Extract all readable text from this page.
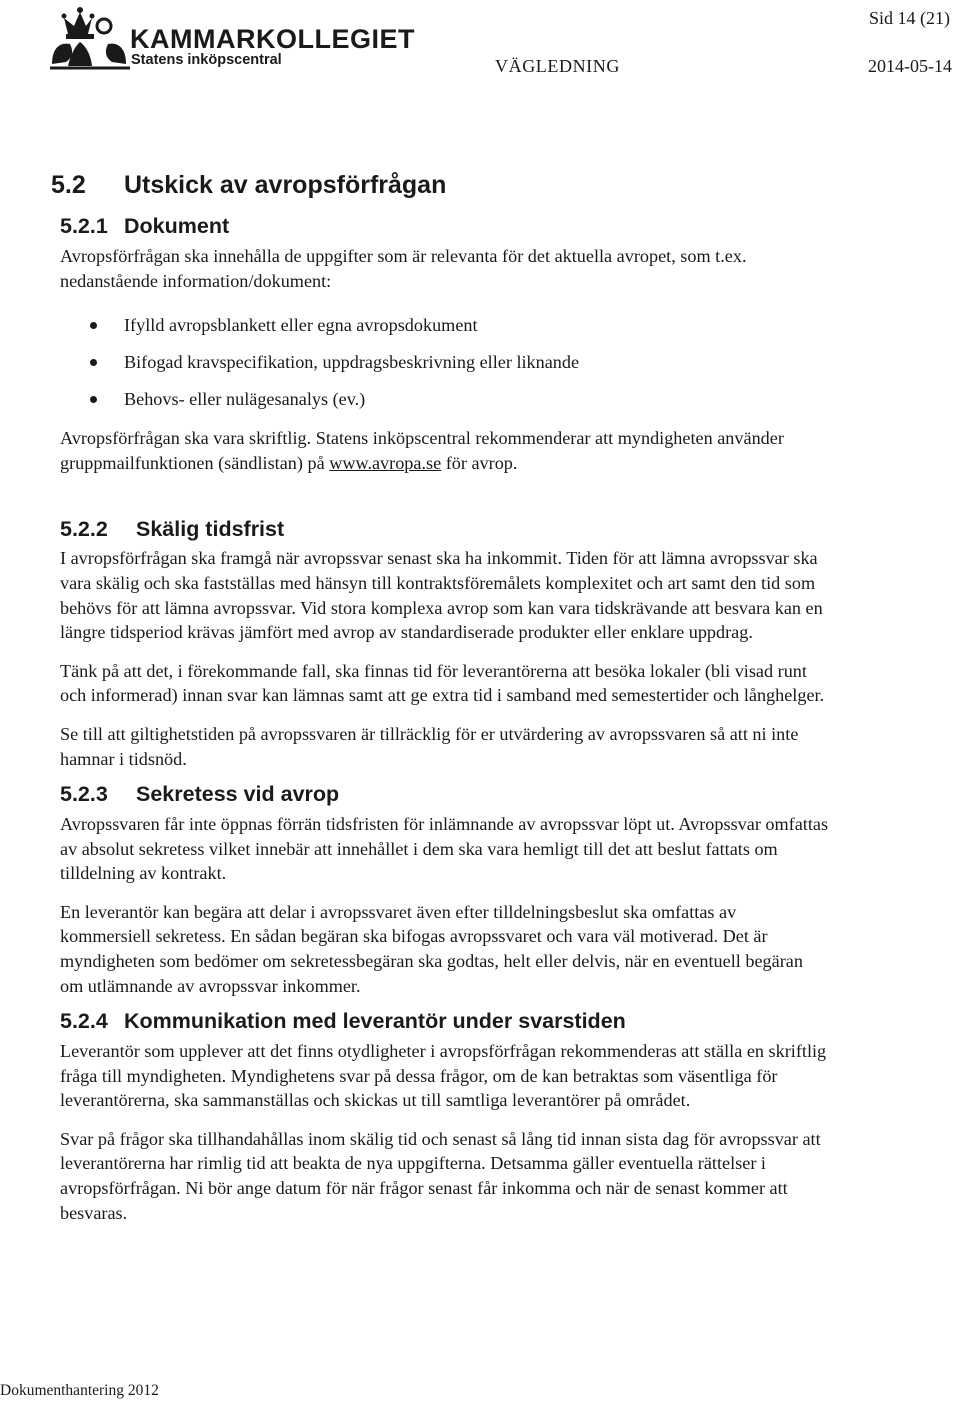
KAMMARKOLLEGIET
Statens inköpscentral
Sid 14 (21)
VÄGLEDNING	2014-05-14
5.2 Utskick av avropsförfrågan
5.2.1 Dokument

Avropsförfrågan ska innehålla de uppgifter som är relevanta för det aktuella avropet, som t.ex. nedanstående information/dokument:

Ifylld avropsblankett eller egna avropsdokument
Bifogad kravspecifikation, uppdragsbeskrivning eller liknande
Behovs- eller nulägesanalys (ev.)

Avropsförfrågan ska vara skriftlig. Statens inköpscentral rekommenderar att myndigheten använder gruppmailfunktionen (sändlistan) på www.avropa.se för avrop.

5.2.2 Skälig tidsfrist

I avropsförfrågan ska framgå när avropssvar senast ska ha inkommit. Tiden för att lämna avropssvar ska vara skälig och ska fastställas med hänsyn till kontraktsföremålets komplexitet och art samt den tid som behövs för att lämna avropssvar. Vid stora komplexa avrop som kan vara tidskrävande att besvara kan en längre tidsperiod krävas jämfört med avrop av standardiserade produkter eller enklare uppdrag.

Tänk på att det, i förekommande fall, ska finnas tid för leverantörerna att besöka lokaler (bli visad runt och informerad) innan svar kan lämnas samt att ge extra tid i samband med semestertider och långhelger.

Se till att giltighetstiden på avropssvaren är tillräcklig för er utvärdering av avropssvaren så att ni inte hamnar i tidsnöd.

5.2.3 Sekretess vid avrop

Avropssvaren får inte öppnas förrän tidsfristen för inlämnande av avropssvar löpt ut. Avropssvar omfattas av absolut sekretess vilket innebär att innehållet i dem ska vara hemligt till det att beslut fattats om tilldelning av kontrakt.

En leverantör kan begära att delar i avropssvaret även efter tilldelningsbeslut ska omfattas av kommersiell sekretess. En sådan begäran ska bifogas avropssvaret och vara väl motiverad. Det är myndigheten som bedömer om sekretessbegäran ska godtas, helt eller delvis, när en eventuell begäran om utlämnande av avropssvar inkommer.

5.2.4 Kommunikation med leverantör under svarstiden

Leverantör som upplever att det finns otydligheter i avropsförfrågan rekommenderas att ställa en skriftlig fråga till myndigheten. Myndighetens svar på dessa frågor, om de kan betraktas som väsentliga för leverantörerna, ska sammanställas och skickas ut till samtliga leverantörer på området.

Svar på frågor ska tillhandahållas inom skälig tid och senast så lång tid innan sista dag för avropssvar att leverantörerna har rimlig tid att beakta de nya uppgifterna. Detsamma gäller eventuella rättelser i avropsförfrågan. Ni bör ange datum för när frågor senast får inkomma och när de senast kommer att besvaras.

Dokumenthantering 2012
